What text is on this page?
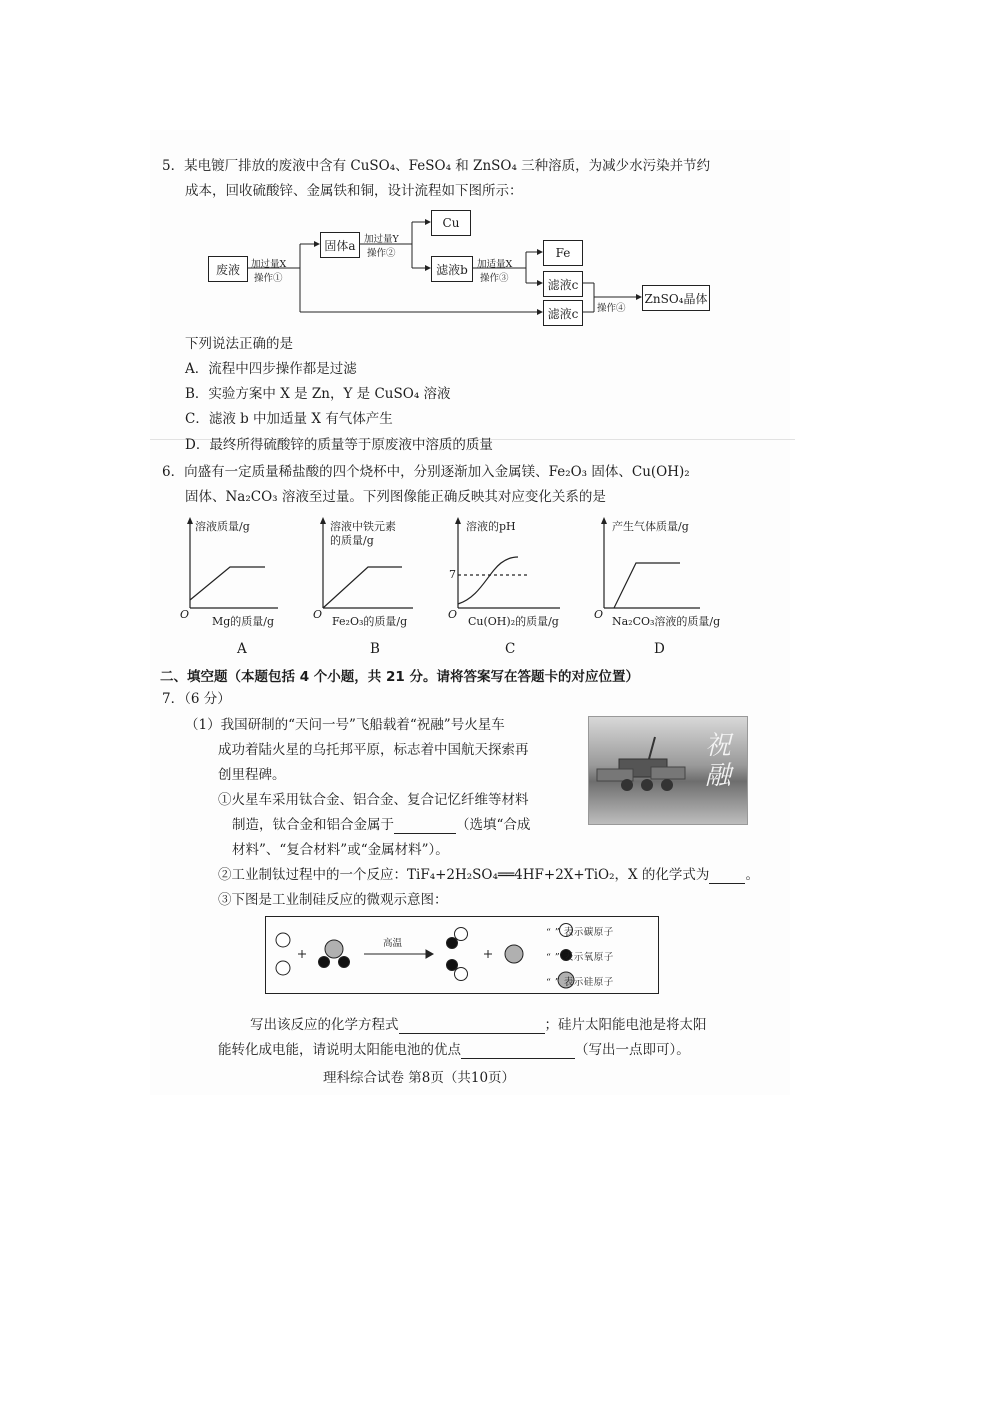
5．某电镀厂排放的废液中含有 CuSO₄、FeSO₄ 和 ZnSO₄ 三种溶质，为减少水污染并节约
成本，回收硫酸锌、金属铁和铜，设计流程如下图所示：
废液	加过量X
操作①
固体a 加过量Y
操作②
Cu
滤液b 加适量X
操作③
Fe
滤液c
滤液c	操作④
ZnSO₄晶体
下列说法正确的是
A．流程中四步操作都是过滤
B．实验方案中 X 是 Zn，Y 是 CuSO₄ 溶液
C．滤液 b 中加适量 X 有气体产生
D．最终所得硫酸锌的质量等于原废液中溶质的质量
6．向盛有一定质量稀盐酸的四个烧杯中，分别逐渐加入金属镁、Fe₂O₃ 固体、Cu(OH)₂
固体、Na₂CO₃ 溶液至过量。下列图像能正确反映其对应变化关系的是
溶液质量/g
O
Mg的质量/g
A
溶液中铁元素
的质量/g
O
Fe₂O₃的质量/g
B
溶液的pH
7
O
Cu(OH)₂的质量/g
C
产生气体质量/g
O
Na₂CO₃溶液的质量/g
D
二、填空题（本题包括 4 个小题，共 21 分。请将答案写在答题卡的对应位置）
7．（6 分）
（1）我国研制的“天问一号”飞船载着“祝融”号火星车
成功着陆火星的乌托邦平原，标志着中国航天探索再
创里程碑。
祝融
①火星车采用钛合金、铝合金、复合记忆纤维等材料
制造，钛合金和铝合金属于	（选填“合成
材料”、“复合材料”或“金属材料”）。
②工业制钛过程中的一个反应：TiF₄+2H₂SO₄══4HF+2X+TiO₂，X 的化学式为	。
③下图是工业制硅反应的微观示意图：
高温
“ ” 表示碳原子
“ ” 表示氧原子
“ ” 表示硅原子
写出该反应的化学方程式	；硅片太阳能电池是将太阳
能转化成电能，请说明太阳能电池的优点	（写出一点即可）。
理科综合试卷 第8页（共10页）
